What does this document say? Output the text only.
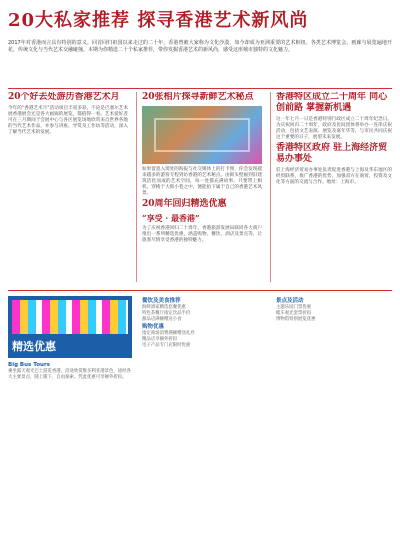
20大私家推荐 探寻香港艺术新风尚
2017年对香港而言具有特别的意义。回首回归祖国以来走过的二十年，香港曾被大家称为文化沙漠，如今却成为亚洲重要的艺术枢纽。各类艺术博览会、画廊与展览遍地开花，传统文化与当代艺术交融碰撞。本期为你精选二十个私家推荐，带你发掘香港艺术的新风尚，感受这座城市独特的文化魅力。
20个好去处游历香港艺术月

今年的“香港艺术月”活动项目丰富多彩，不论是巴塞尔艺术展香港展会还是各大画廊的展览，都值得一看。艺术爱好者可在三月期间于会展中心与各区展览场地欣赏来自世界各地的当代艺术作品，并参与讲座、导赏及工作坊等活动，深入了解当代艺术的发展。

20张相片探寻新鲜艺术秘点

如果留意入境处的海报与社交媒体上的打卡照，你会发现越来越多的游客专程到访香港的艺术秘点。由街头壁画到旧建筑活化而成的艺术空间，每一处都充满故事。只要带上相机，穿梭于大街小巷之中，便能拍下属于自己的香港艺术风景。

20周年回归精选优惠
“享受 · 最香港”

为了庆祝香港回归二十周年，香港旅游发展局联同各大商户推出一系列精选优惠，涵盖购物、餐饮、酒店及景点等，让旅客尽情享受香港的独特魅力。

香港特区成立二十周年 同心创前路 掌握新机遇

这一年七月一日是香港特别行政区成立二十周年纪念日。为庆祝回归二十周年，政府及民间团体将举办一连串庆祝活动，包括文艺表演、展览及嘉年华等，与市民共同庆祝这个重要的日子，展望未来发展。

香港特区政府 驻上海经济贸易办事处

驻上海经济贸易办事处负责促进香港与上海及华东地区的经贸联系，推广香港的优势，加强双方在商贸、投资及文化等方面的交流与合作。地址：上海市。

精选优惠
Big Bus Tours

乘坐露天观光巴士游览香港，沿途欣赏维多利亚港景色，途经各大主要景点，随上随下，自由探索。凭此优惠可享额外折扣。

餐饮及美食推荐

海鲜酒家精选套餐优惠

特色茶餐厅指定饮品半价

甜品店满额赠送小食

购物优惠

指定商场消费满额赠送礼券

精品店享额外折扣

电子产品专门店限时优惠

景点及活动

主题乐园门票优惠

缆车观光套票折扣

博物馆特别展览优惠
